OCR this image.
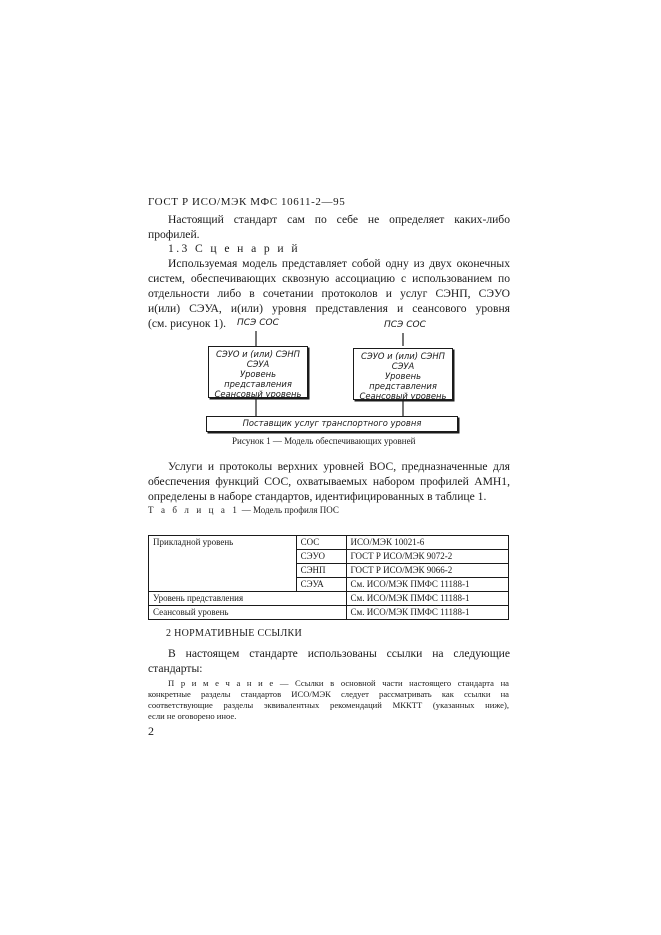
ГОСТ Р ИСО/МЭК МФС 10611-2—95
Настоящий стандарт сам по себе не определяет каких-либо
профилей.
1.3 С ц е н а р и й
Используемая модель представляет собой одну из двух оконечных
систем, обеспечивающих сквозную ассоциацию с использованием по
отдельности либо в сочетании протоколов и услуг СЭНП, СЭУО
и(или) СЭУА, и(или) уровня представления и сеансового уровня
(см. рисунок 1).	ПСЭ СОС	ПСЭ СОС
СЭУО и (или) СЭНП
СЭУА
Уровень представления
Сеансовый уровень
СЭУО и (или) СЭНП
СЭУА
Уровень представления
Сеансовый уровень
Поставщик услуг транспортного уровня
Рисунок 1 — Модель обеспечивающих уровней
Услуги и протоколы верхних уровней ВОС, предназначенные для
обеспечения функций СОС, охватываемых набором профилей АМН1,
определены в наборе стандартов, идентифицированных в таблице 1.
Т а б л и ц а 1 — Модель профиля ПОС
Прикладной уровень	СОС	ИСО/МЭК 10021-6
	СЭУО	ГОСТ Р ИСО/МЭК 9072-2
	СЭНП	ГОСТ Р ИСО/МЭК 9066-2
	СЭУА	См. ИСО/МЭК ПМФС 11188-1
Уровень представления		См. ИСО/МЭК ПМФС 11188-1
Сеансовый уровень		См. ИСО/МЭК ПМФС 11188-1
2 НОРМАТИВНЫЕ ССЫЛКИ
В настоящем стандарте использованы ссылки на следующие
стандарты:
П р и м е ч а н и е — Ссылки в основной части настоящего стандарта на
конкретные разделы стандартов ИСО/МЭК следует рассматривать как ссылки на
соответствующие разделы эквивалентных рекомендаций МККТТ (указанных ниже),
если не оговорено иное.
2
